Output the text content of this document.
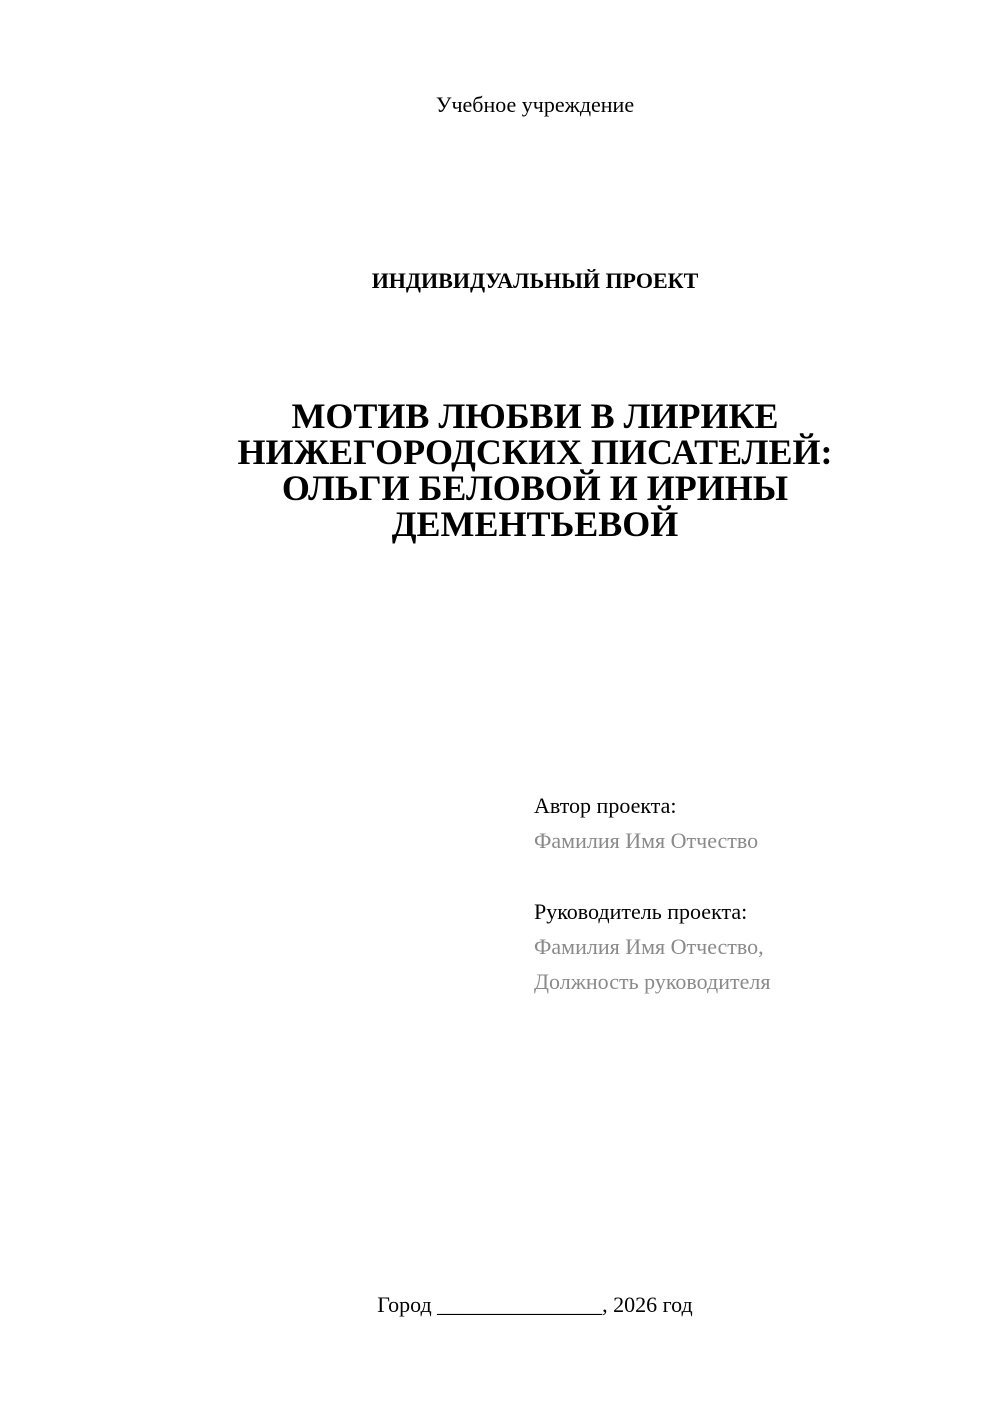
Учебное учреждение
ИНДИВИДУАЛЬНЫЙ ПРОЕКТ
МОТИВ ЛЮБВИ В ЛИРИКЕ
НИЖЕГОРОДСКИХ ПИСАТЕЛЕЙ:
ОЛЬГИ БЕЛОВОЙ И ИРИНЫ
ДЕМЕНТЬЕВОЙ
Автор проекта:
Фамилия Имя Отчество
Руководитель проекта:
Фамилия Имя Отчество,
Должность руководителя
Город _______________, 2026 год
